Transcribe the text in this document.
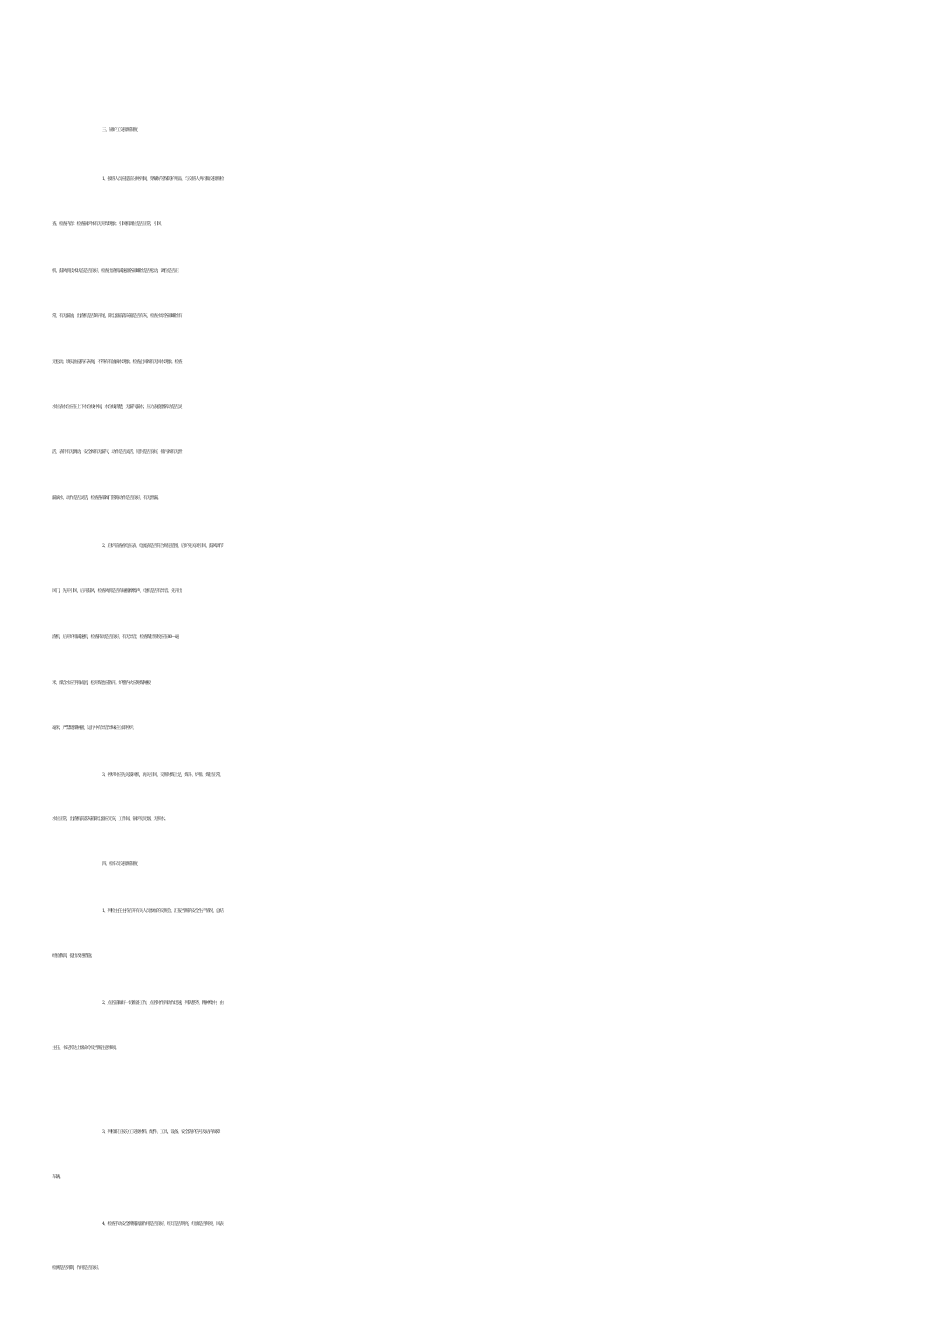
三、锅炉工交接班制度
1、接班人员应提前 分钟到岗，穿戴好劳保防护用品，与交班人共同做交接班检
查。检查内容：检查锅炉体有无开焊现象；引风机调位是否正常，引风
机、鼓风机技术状态是否良好，检查出渣机减速器各部螺丝是否松动，调位是否正
常，有无漏油，出渣机是否缺开尾，除尘器前落灰箱是否有灰，检查水泵各部螺丝有
无松动。填实油浸的石灰绳，不得有有油滴水现象。检查止回阀有无回水现象。检查
水位表水位应在上下水位线中间，水位线清楚，无漏气漏水，压力表旋塞转动是否灵
活，表针有无跳动，安全阀有无漏气，动作是否灵活，铅封是否良好，排污阀有无泄
漏滴水，动作是否灵活，检查各部阀门管路动作是否良好，有无泄漏。
2、启炉前查看电压表、电流表是否符合规定范围，启炉先关闭引风、鼓风调节
风门，先开引风，后开鼓风，检查风机是否有碰撞摩擦声，电机是否有异音。先开出
渣机，后开炉排减速机，检查转动是否良好，有无异音，检查煤层厚度应在80—毫
米，煤含水应手抓成团，松开煤也应散开。炉膛内火应距煤闸板
毫米，严禁烧煤闸板，运行中有异音异味应立即停炉。
3、停炉时应先关鼓风机，再关引风，交班时煤上足，煤斗、炉排、煤层正常，
水位正常，出渣机前落灰箱除尘器应无灰，工作间、锅炉房无烟、无积水。
四、检车员交接班制度
1、列检主任主持召开有关人员参加的交班会、汇报当班的安全生产情况，总结
经验教训，提出改进措施；
2、点名前做好一切准备工作，点名时作到动作迅速，列队整齐，精神集中，由
主任、书记传达上级命令及当班注意事项。
3、列检职工按分工交接材料、配件、工具、设备、安全防护信号及站内故障
车辆。
4、检查手动安全牌脱轨器作用是否良好，红灯是否明亮，红旗是否鲜亮，风表
检测是否到期，作用是否良好。
